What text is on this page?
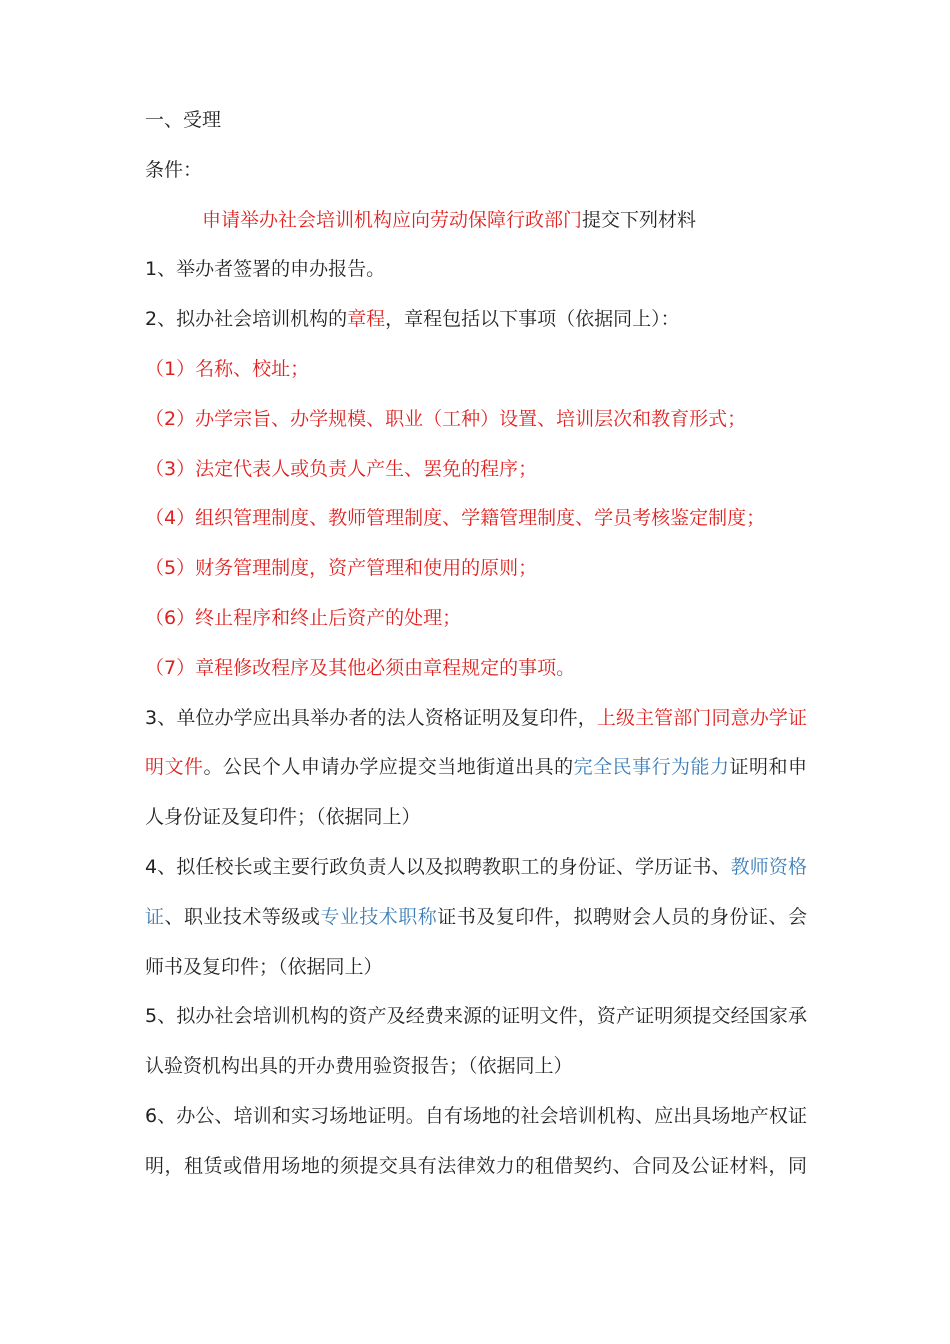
一、受理
条件：
申请举办社会培训机构应向劳动保障行政部门提交下列材料
1、举办者签署的申办报告。
2、拟办社会培训机构的章程，章程包括以下事项（依据同上）：
（1）名称、校址；
（2）办学宗旨、办学规模、职业（工种）设置、培训层次和教育形式；
（3）法定代表人或负责人产生、罢免的程序；
（4）组织管理制度、教师管理制度、学籍管理制度、学员考核鉴定制度；
（5）财务管理制度，资产管理和使用的原则；
（6）终止程序和终止后资产的处理；
（7）章程修改程序及其他必须由章程规定的事项。
3、单位办学应出具举办者的法人资格证明及复印件，上级主管部门同意办学证
明文件。公民个人申请办学应提交当地街道出具的完全民事行为能力证明和申
人身份证及复印件；（依据同上）
4、拟任校长或主要行政负责人以及拟聘教职工的身份证、学历证书、教师资格
证、职业技术等级或专业技术职称证书及复印件，拟聘财会人员的身份证、会
师书及复印件；（依据同上）
5、拟办社会培训机构的资产及经费来源的证明文件，资产证明须提交经国家承
认验资机构出具的开办费用验资报告；（依据同上）
6、办公、培训和实习场地证明。自有场地的社会培训机构、应出具场地产权证
明，租赁或借用场地的须提交具有法律效力的租借契约、合同及公证材料，同
